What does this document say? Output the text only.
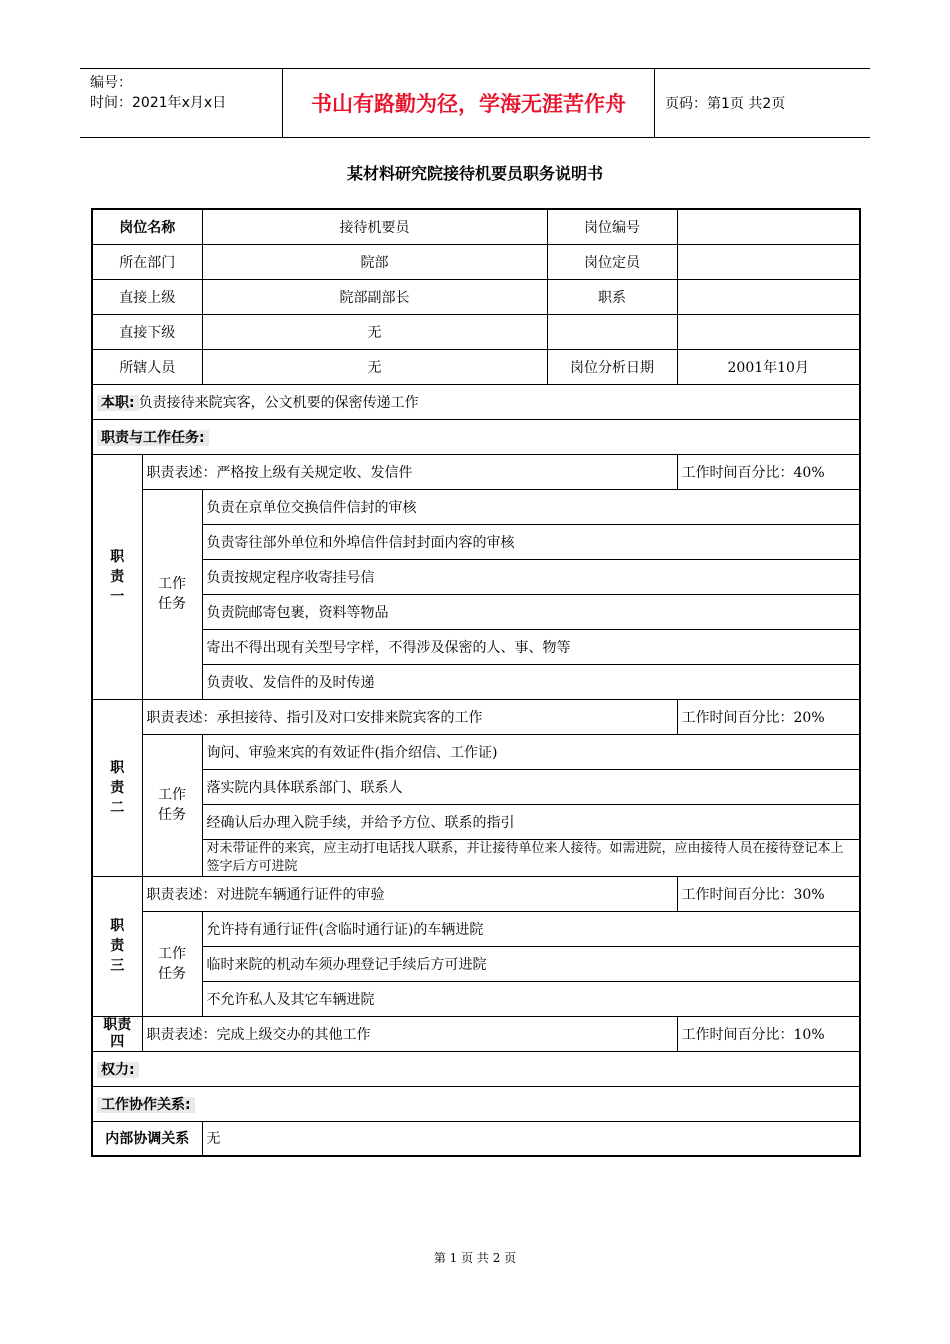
编号：
时间：2021年x月x日	书山有路勤为径，学海无涯苦作舟	页码：第1页 共2页
某材料研究院接待机要员职务说明书
岗位名称		接待机要员	岗位编号	
所在部门		院部	岗位定员	
直接上级		院部副部长	职系	
直接下级		无		
所辖人员		无	岗位分析日期	2001年10月
本职: 负责接待来院宾客，公文机要的保密传递工作				
职责与工作任务:				

职责一	职责表述：严格按上级有关规定收、发信件			工作时间百分比：40%

	工作任务	负责在京单位交换信件信封的审核		
		负责寄往部外单位和外埠信件信封封面内容的审核		
		负责按规定程序收寄挂号信		
		负责院邮寄包裹，资料等物品		
		寄出不得出现有关型号字样，不得涉及保密的人、事、物等		
		负责收、发信件的及时传递		

职责二	职责表述：承担接待、指引及对口安排来院宾客的工作			工作时间百分比：20%

	工作任务	询问、审验来宾的有效证件(指介绍信、工作证)		
		落实院内具体联系部门、联系人		
		经确认后办理入院手续，并给予方位、联系的指引		
		对未带证件的来宾，应主动打电话找人联系，并让接待单位来人接待。如需进院，应由接待人员在接待登记本上签字后方可进院		

职责三	职责表述：对进院车辆通行证件的审验			工作时间百分比：30%

	工作任务	允许持有通行证件(含临时通行证)的车辆进院		
		临时来院的机动车须办理登记手续后方可进院		
		不允许私人及其它车辆进院		

职责四	职责表述：完成上级交办的其他工作			工作时间百分比：10%
权力:				
工作协作关系:				
内部协调关系		无		
第 1 页 共 2 页
